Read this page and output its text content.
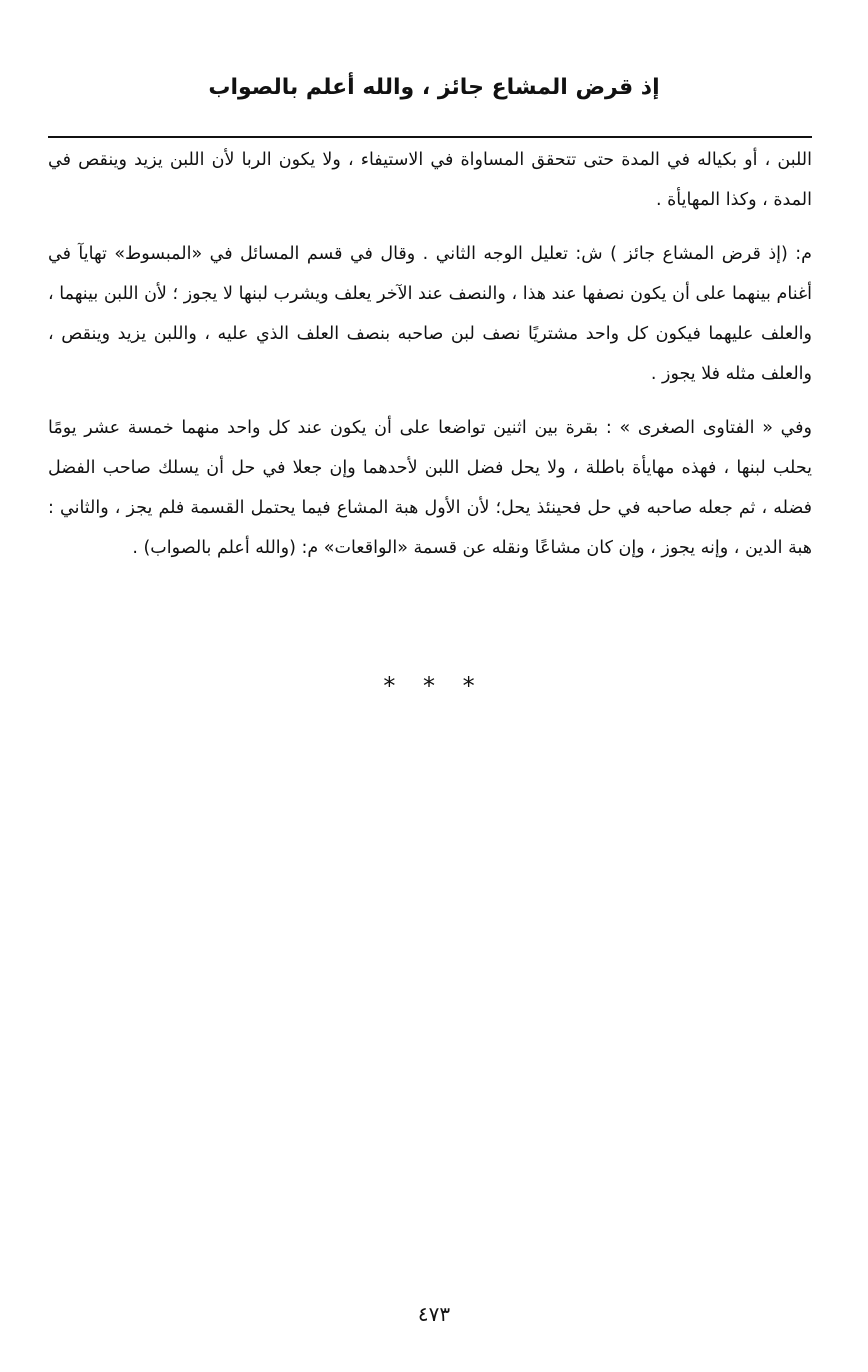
إذ قرض المشاع جائز ، والله أعلم بالصواب

اللبن ، أو بكياله في المدة حتى تتحقق المساواة في الاستيفاء ، ولا يكون الربا لأن اللبن يزيد وينقص في المدة ، وكذا المهايأة .

م: (إذ قرض المشاع جائز ) ش: تعليل الوجه الثاني . وقال في قسم المسائل في «المبسوط» تهايآ في أغنام بينهما على أن يكون نصفها عند هذا ، والنصف عند الآخر يعلف ويشرب لبنها لا يجوز ؛ لأن اللبن بينهما ، والعلف عليهما فيكون كل واحد مشتريًا نصف لبن صاحبه بنصف العلف الذي عليه ، واللبن يزيد وينقص ، والعلف مثله فلا يجوز .

وفي « الفتاوى الصغرى » : بقرة بين اثنين تواضعا على أن يكون عند كل واحد منهما خمسة عشر يومًا يحلب لبنها ، فهذه مهايأة باطلة ، ولا يحل فضل اللبن لأحدهما وإن جعلا في حل أن يسلك صاحب الفضل فضله ، ثم جعله صاحبه في حل فحينئذ يحل؛ لأن الأول هبة المشاع فيما يحتمل القسمة فلم يجز ، والثاني : هبة الدين ، وإنه يجوز ، وإن كان مشاعًا ونقله عن قسمة «الواقعات» م: (والله أعلم بالصواب) .

* * *
٤٧٣
